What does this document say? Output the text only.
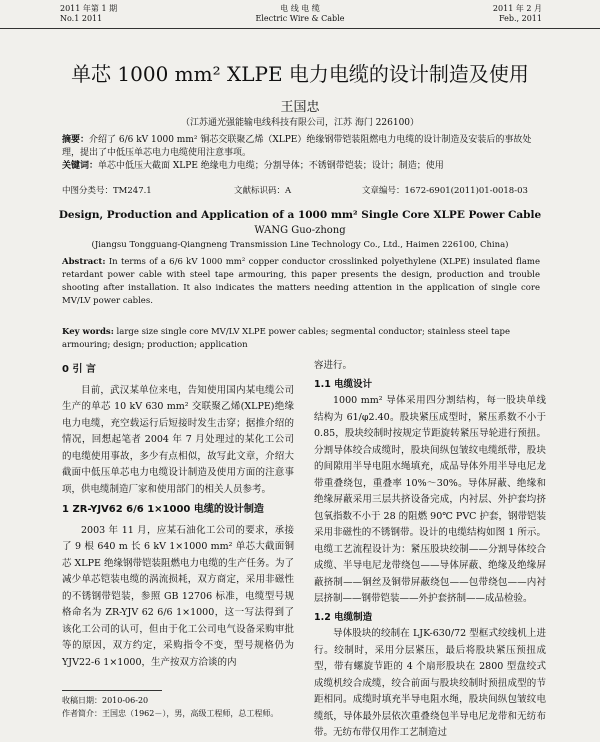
2011 年第 1 期
No.1 2011
电 线 电 缆
Electric Wire & Cable
2011 年 2 月
Feb., 2011
单芯 1000 mm² XLPE 电力电缆的设计制造及使用
王国忠
（江苏通光强能输电线科技有限公司，江苏 海门 226100）
摘要：介绍了 6/6 kV 1000 mm² 铜芯交联聚乙烯（XLPE）绝缘钢带铠装阻燃电力电缆的设计制造及安装后的事故处理，提出了中低压单芯电力电缆使用注意事项。
关键词：单芯中低压大截面 XLPE 绝缘电力电缆；分割导体；不锈钢带铠装；设计；制造；使用
中图分类号：TM247.1	文献标识码：A	文章编号：1672-6901(2011)01-0018-03
Design, Production and Application of a 1000 mm² Single Core XLPE Power Cable
WANG Guo-zhong
(Jiangsu Tongguang-Qiangneng Transmission Line Technology Co., Ltd., Haimen 226100, China)
Abstract: In terms of a 6/6 kV 1000 mm² copper conductor crosslinked polyethylene (XLPE) insulated flame retardant power cable with steel tape armouring, this paper presents the design, production and trouble shooting after installation. It also indicates the matters needing attention in the application of single core MV/LV power cables.
Key words: large size single core MV/LV XLPE power cables; segmental conductor; stainless steel tape armouring; design; production; application
0 引 言

目前，武汉某单位来电，告知使用国内某电缆公司生产的单芯 10 kV 630 mm² 交联聚乙烯(XLPE)绝缘电力电缆，充空载运行后短接时发生击穿；据推介绍的情况，回想起笔者 2004 年 7 月处理过的某化工公司的电缆使用事故，多少有点相似，故写此文章，介绍大截面中低压单芯电力电缆设计制造及使用方面的注意事项，供电缆制造厂家和使用部门的相关人员参考。

1 ZR-YJV62 6/6 1×1000 电缆的设计制造

2003 年 11 月，应某石油化工公司的要求，承接了 9 根 640 m 长 6 kV 1×1000 mm² 单芯大截面铜芯 XLPE 绝缘钢带铠装阻燃电力电缆的生产任务。为了减少单芯铠装电缆的涡流损耗，双方商定，采用非磁性的不锈钢带铠装，参照 GB 12706 标准，电缆型号规格命名为 ZR-YJV 62 6/6 1×1000，这一写法得到了该化工公司的认可，但由于化工公司电气设备采购审批等的原因，双方约定，采购指令不变，型号规格仍为 YJV22-6 1×1000，生产按双方洽谈的内

收稿日期：2010-06-20
作者简介：王国忠（1962－），男，高级工程师，总工程师。

容进行。

1.1 电缆设计

1000 mm² 导体采用四分割结构，每一股块单线结构为 61/φ2.40。股块紧压成型时，紧压系数不小于 0.85，股块绞制时按规定节距旋转紧压导轮进行预扭。分割导体绞合成缆时，股块间纵包皱纹电缆纸带，股块的间隙用半导电阻水绳填充，成品导体外用半导电尼龙带重叠绕包，重叠率 10%～30%。导体屏蔽、绝缘和绝缘屏蔽采用三层共挤设备完成，内衬层、外护套均挤包氧指数不小于 28 的阻燃 90℃ PVC 护套，钢带铠装采用非磁性的不锈钢带。设计的电缆结构如图 1 所示。电缆工艺流程设计为：紧压股块绞制——分割导体绞合成缆、半导电尼龙带绕包——导体屏蔽、绝缘及绝缘屏蔽挤制——铜丝及铜带屏蔽绕包——包带绕包——内衬层挤制——钢带铠装——外护套挤制——成品检验。

1.2 电缆制造

导体股块的绞制在 LJK-630/72 型框式绞线机上进行。绞制时，采用分层紧压，最后将股块紧压预扭成型，带有螺旋节距的 4 个扇形股块在 2800 型盘绞式成缆机绞合成缆，绞合前面与股块绞制时预扭成型的节距相同。成缆时填充半导电阻水绳，股块间纵包皱纹电缆纸，导体最外层依次重叠绕包半导电尼龙带和无纺布带。无纺布带仅用作工艺制造过
